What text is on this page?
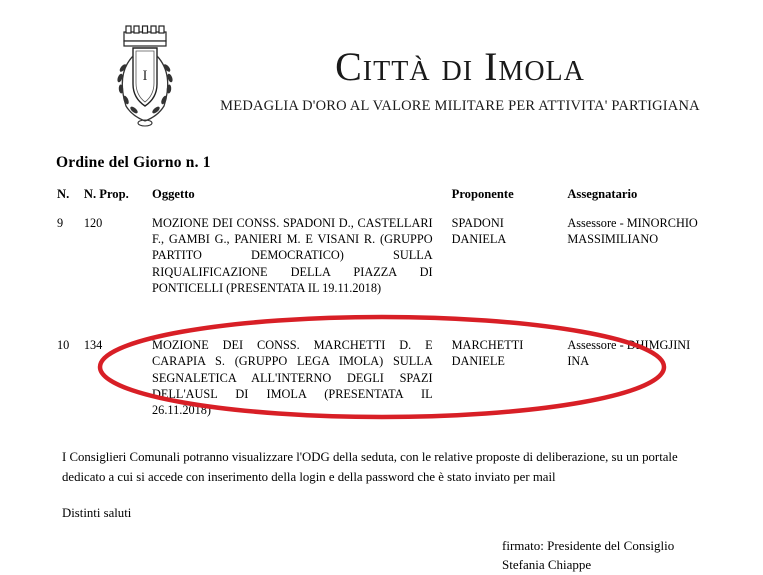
I	Città di Imola
MEDAGLIA D'ORO AL VALORE MILITARE PER ATTIVITA' PARTIGIANA
Ordine del Giorno n. 1
N.	N. Prop.	Oggetto	Proponente	Assegnatario
9	120	MOZIONE DEI CONSS. SPADONI D., CASTELLARI F., GAMBI G., PANIERI M. E VISANI R. (GRUPPO PARTITO DEMOCRATICO) SULLA RIQUALIFICAZIONE DELLA PIAZZA DI PONTICELLI (PRESENTATA IL 19.11.2018)	SPADONI DANIELA	Assessore - MINORCHIO MASSIMILIANO

10	134	MOZIONE DEI CONSS. MARCHETTI D. E CARAPIA S. (GRUPPO LEGA IMOLA) SULLA SEGNALETICA ALL'INTERNO DEGLI SPAZI DELL'AUSL DI IMOLA (PRESENTATA IL 26.11.2018)	MARCHETTI DANIELE	Assessore - DHIMGJINI INA
I Consiglieri Comunali potranno visualizzare l'ODG della seduta, con le relative proposte di deliberazione, su un portale dedicato a cui si accede con inserimento della login e della password che è stato inviato per mail
Distinti saluti
firmato: Presidente del Consiglio
Stefania Chiappe
